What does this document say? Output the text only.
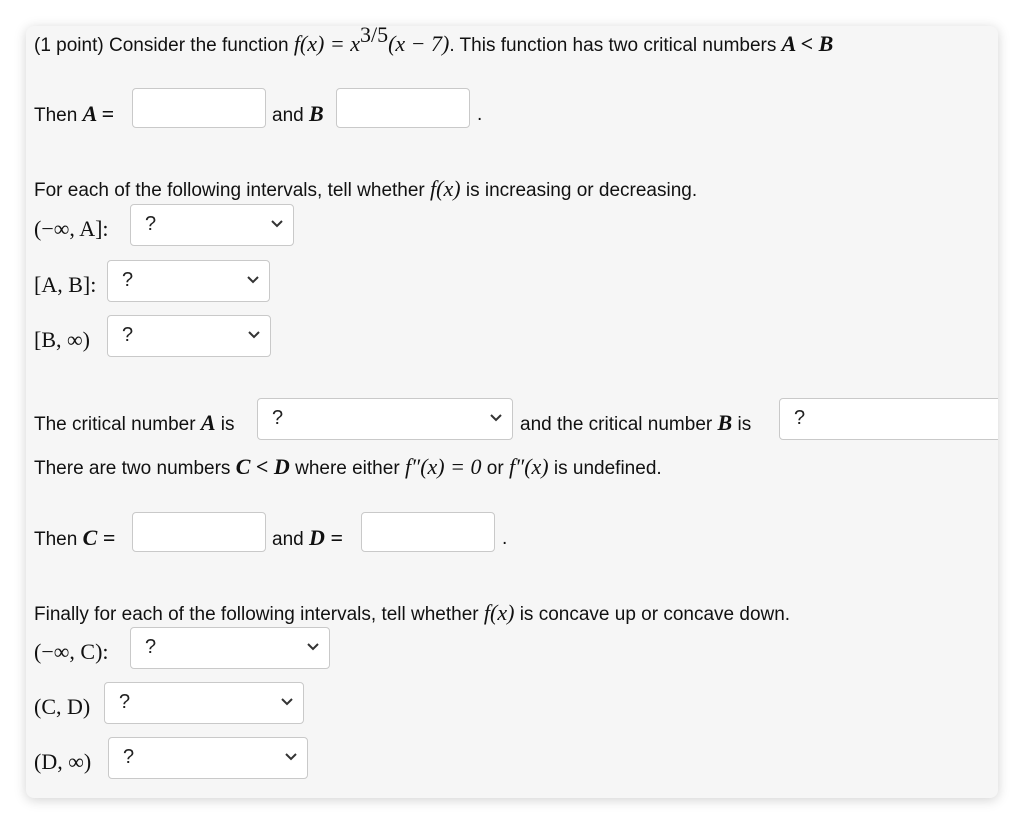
(1 point) Consider the function $f(x) = x^{3/5}(x - 7)$. This function has two critical numbers A < B
Then A =	and B	.
For each of the following intervals, tell whether f(x) is increasing or decreasing.
(−∞, A]: ?
[A, B]: ?
[B, ∞) ?
The critical number A is ?	and the critical number B is ?
There are two numbers C < D where either f″(x) = 0 or f″(x) is undefined.
Then C =	and D =	.
Finally for each of the following intervals, tell whether f(x) is concave up or concave down.
(−∞, C): ?
(C, D) ?
(D, ∞) ?
